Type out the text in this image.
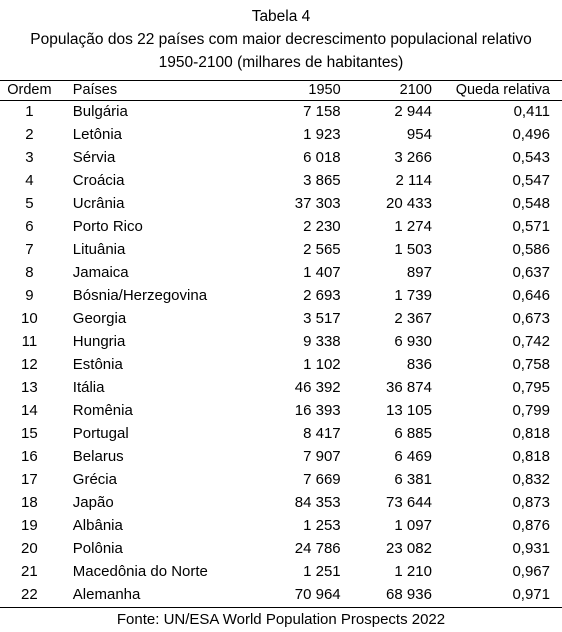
Tabela 4
População dos 22 países com maior decrescimento populacional relativo
1950-2100 (milhares de habitantes)
Ordem	Países	1950	2100	Queda relativa
1	Bulgária	7 158	2 944	0,411
2	Letônia	1 923	954	0,496
3	Sérvia	6 018	3 266	0,543
4	Croácia	3 865	2 114	0,547
5	Ucrânia	37 303	20 433	0,548
6	Porto Rico	2 230	1 274	0,571
7	Lituânia	2 565	1 503	0,586
8	Jamaica	1 407	897	0,637
9	Bósnia/Herzegovina	2 693	1 739	0,646
10	Georgia	3 517	2 367	0,673
11	Hungria	9 338	6 930	0,742
12	Estônia	1 102	836	0,758
13	Itália	46 392	36 874	0,795
14	Romênia	16 393	13 105	0,799
15	Portugal	8 417	6 885	0,818
16	Belarus	7 907	6 469	0,818
17	Grécia	7 669	6 381	0,832
18	Japão	84 353	73 644	0,873
19	Albânia	1 253	1 097	0,876
20	Polônia	24 786	23 082	0,931
21	Macedônia do Norte	1 251	1 210	0,967
22	Alemanha	70 964	68 936	0,971
Fonte: UN/ESA World Population Prospects 2022
